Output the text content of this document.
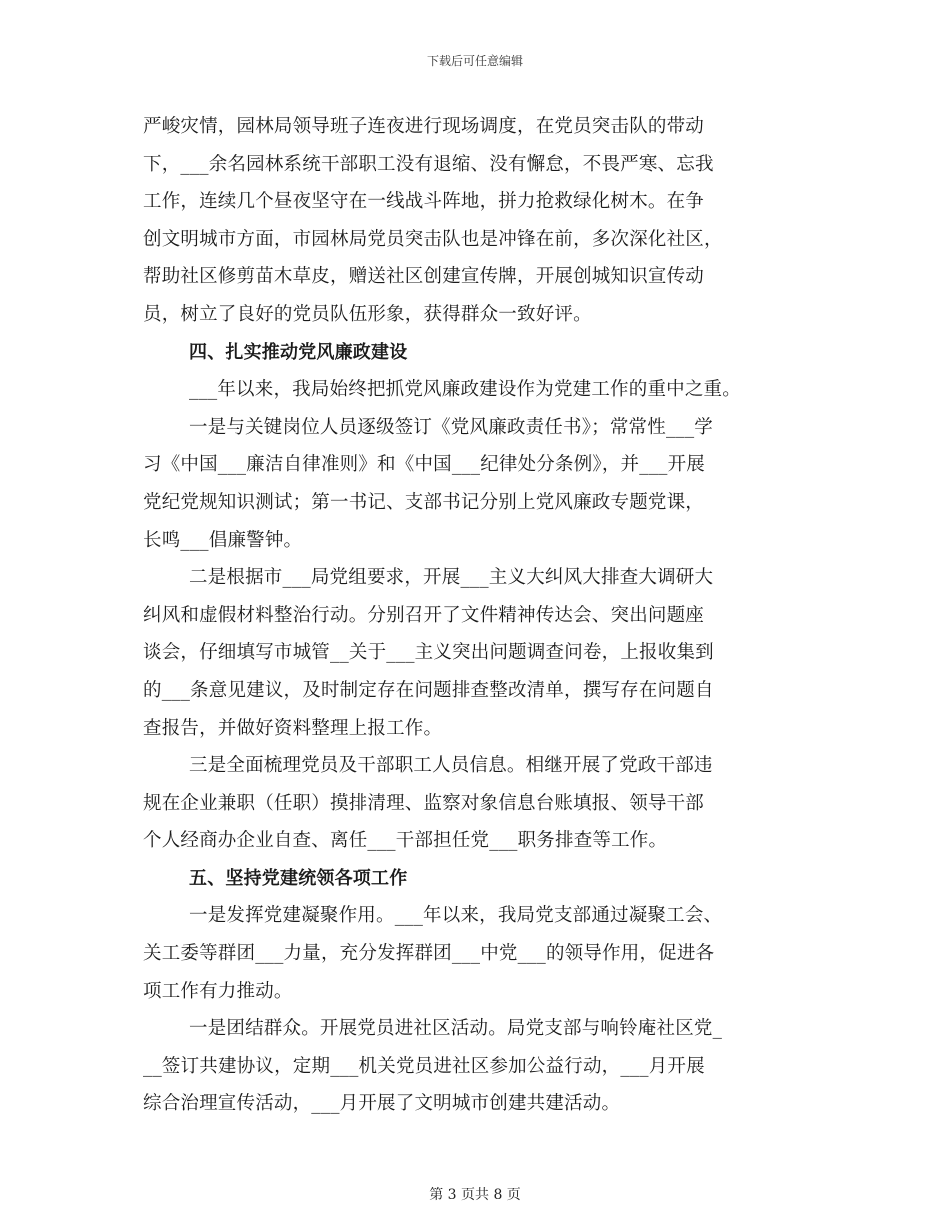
下载后可任意编辑
严峻灾情，园林局领导班子连夜进行现场调度，在党员突击队的带动
下，___余名园林系统干部职工没有退缩、没有懈怠，不畏严寒、忘我
工作，连续几个昼夜坚守在一线战斗阵地，拼力抢救绿化树木。在争
创文明城市方面，市园林局党员突击队也是冲锋在前，多次深化社区，
帮助社区修剪苗木草皮，赠送社区创建宣传牌，开展创城知识宣传动
员，树立了良好的党员队伍形象，获得群众一致好评。
四、扎实推动党风廉政建设
___年以来，我局始终把抓党风廉政建设作为党建工作的重中之重。
一是与关键岗位人员逐级签订《党风廉政责任书》；常常性___学
习《中国___廉洁自律准则》和《中国___纪律处分条例》，并___开展
党纪党规知识测试；第一书记、支部书记分别上党风廉政专题党课，
长鸣___倡廉警钟。
二是根据市___局党组要求，开展___主义大纠风大排查大调研大
纠风和虚假材料整治行动。分别召开了文件精神传达会、突出问题座
谈会，仔细填写市城管__关于___主义突出问题调查问卷，上报收集到
的___条意见建议，及时制定存在问题排查整改清单，撰写存在问题自
查报告，并做好资料整理上报工作。
三是全面梳理党员及干部职工人员信息。相继开展了党政干部违
规在企业兼职（任职）摸排清理、监察对象信息台账填报、领导干部
个人经商办企业自查、离任___干部担任党___职务排查等工作。
五、坚持党建统领各项工作
一是发挥党建凝聚作用。___年以来，我局党支部通过凝聚工会、
关工委等群团___力量，充分发挥群团___中党___的领导作用，促进各
项工作有力推动。
一是团结群众。开展党员进社区活动。局党支部与响铃庵社区党_
__签订共建协议，定期___机关党员进社区参加公益行动，___月开展
综合治理宣传活动，___月开展了文明城市创建共建活动。
第 3 页共 8 页
